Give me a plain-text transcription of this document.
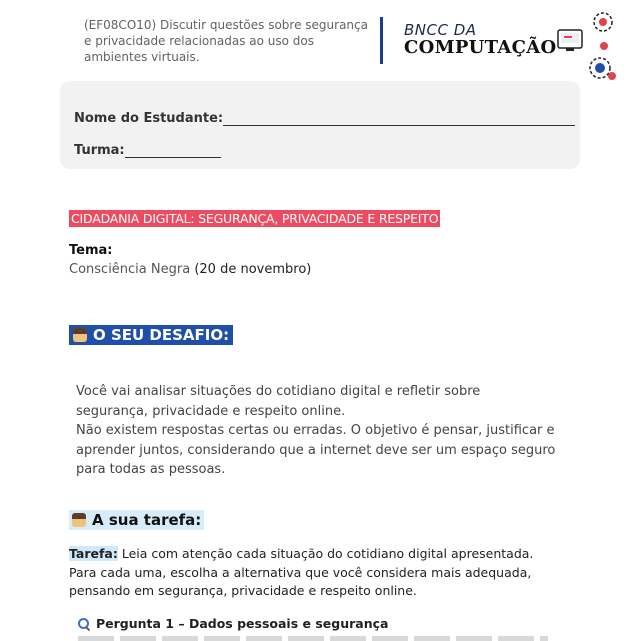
(EF08CO10) Discutir questões sobre segurança e privacidade relacionadas ao uso dos ambientes virtuais.
BNCC DA
COMPUTAÇÃO
Nome do Estudante:
Turma:
CIDADANIA DIGITAL: SEGURANÇA, PRIVACIDADE E RESPEITO
Tema:
Consciência Negra (20 de novembro)
O SEU DESAFIO:

Você vai analisar situações do cotidiano digital e refletir sobre segurança, privacidade e respeito online.

Não existem respostas certas ou erradas. O objetivo é pensar, justificar e aprender juntos, considerando que a internet deve ser um espaço seguro para todas as pessoas.

A sua tarefa:
Tarefa: Leia com atenção cada situação do cotidiano digital apresentada.
Para cada uma, escolha a alternativa que você considera mais adequada, pensando em segurança, privacidade e respeito online.
Pergunta 1 – Dados pessoais e segurança
